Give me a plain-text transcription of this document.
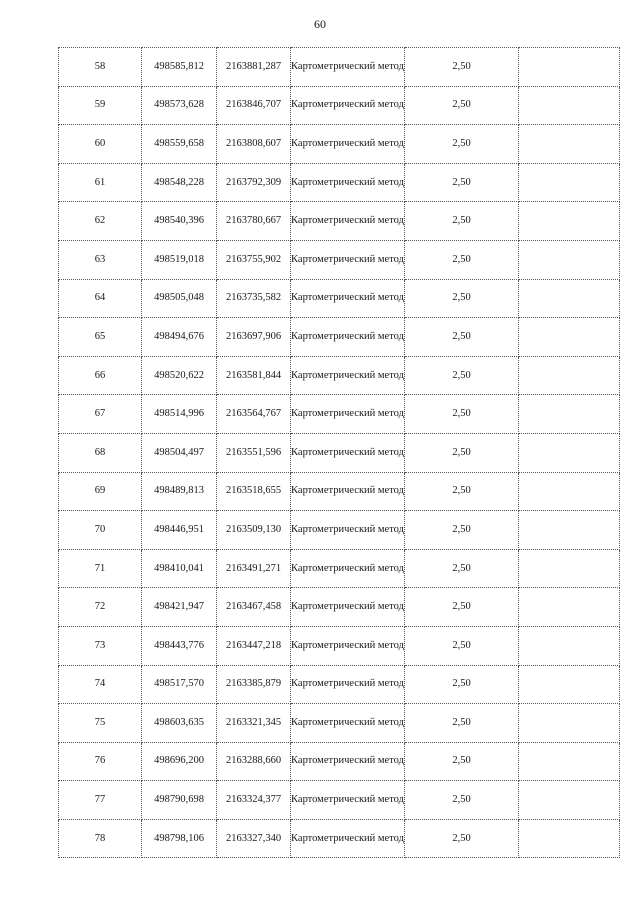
60
58	498585,812	2163881,287	Картометрический метод	2,50	
59	498573,628	2163846,707	Картометрический метод	2,50	
60	498559,658	2163808,607	Картометрический метод	2,50	
61	498548,228	2163792,309	Картометрический метод	2,50	
62	498540,396	2163780,667	Картометрический метод	2,50	
63	498519,018	2163755,902	Картометрический метод	2,50	
64	498505,048	2163735,582	Картометрический метод	2,50	
65	498494,676	2163697,906	Картометрический метод	2,50	
66	498520,622	2163581,844	Картометрический метод	2,50	
67	498514,996	2163564,767	Картометрический метод	2,50	
68	498504,497	2163551,596	Картометрический метод	2,50	
69	498489,813	2163518,655	Картометрический метод	2,50	
70	498446,951	2163509,130	Картометрический метод	2,50	
71	498410,041	2163491,271	Картометрический метод	2,50	
72	498421,947	2163467,458	Картометрический метод	2,50	
73	498443,776	2163447,218	Картометрический метод	2,50	
74	498517,570	2163385,879	Картометрический метод	2,50	
75	498603,635	2163321,345	Картометрический метод	2,50	
76	498696,200	2163288,660	Картометрический метод	2,50	
77	498790,698	2163324,377	Картометрический метод	2,50	
78	498798,106	2163327,340	Картометрический метод	2,50	
